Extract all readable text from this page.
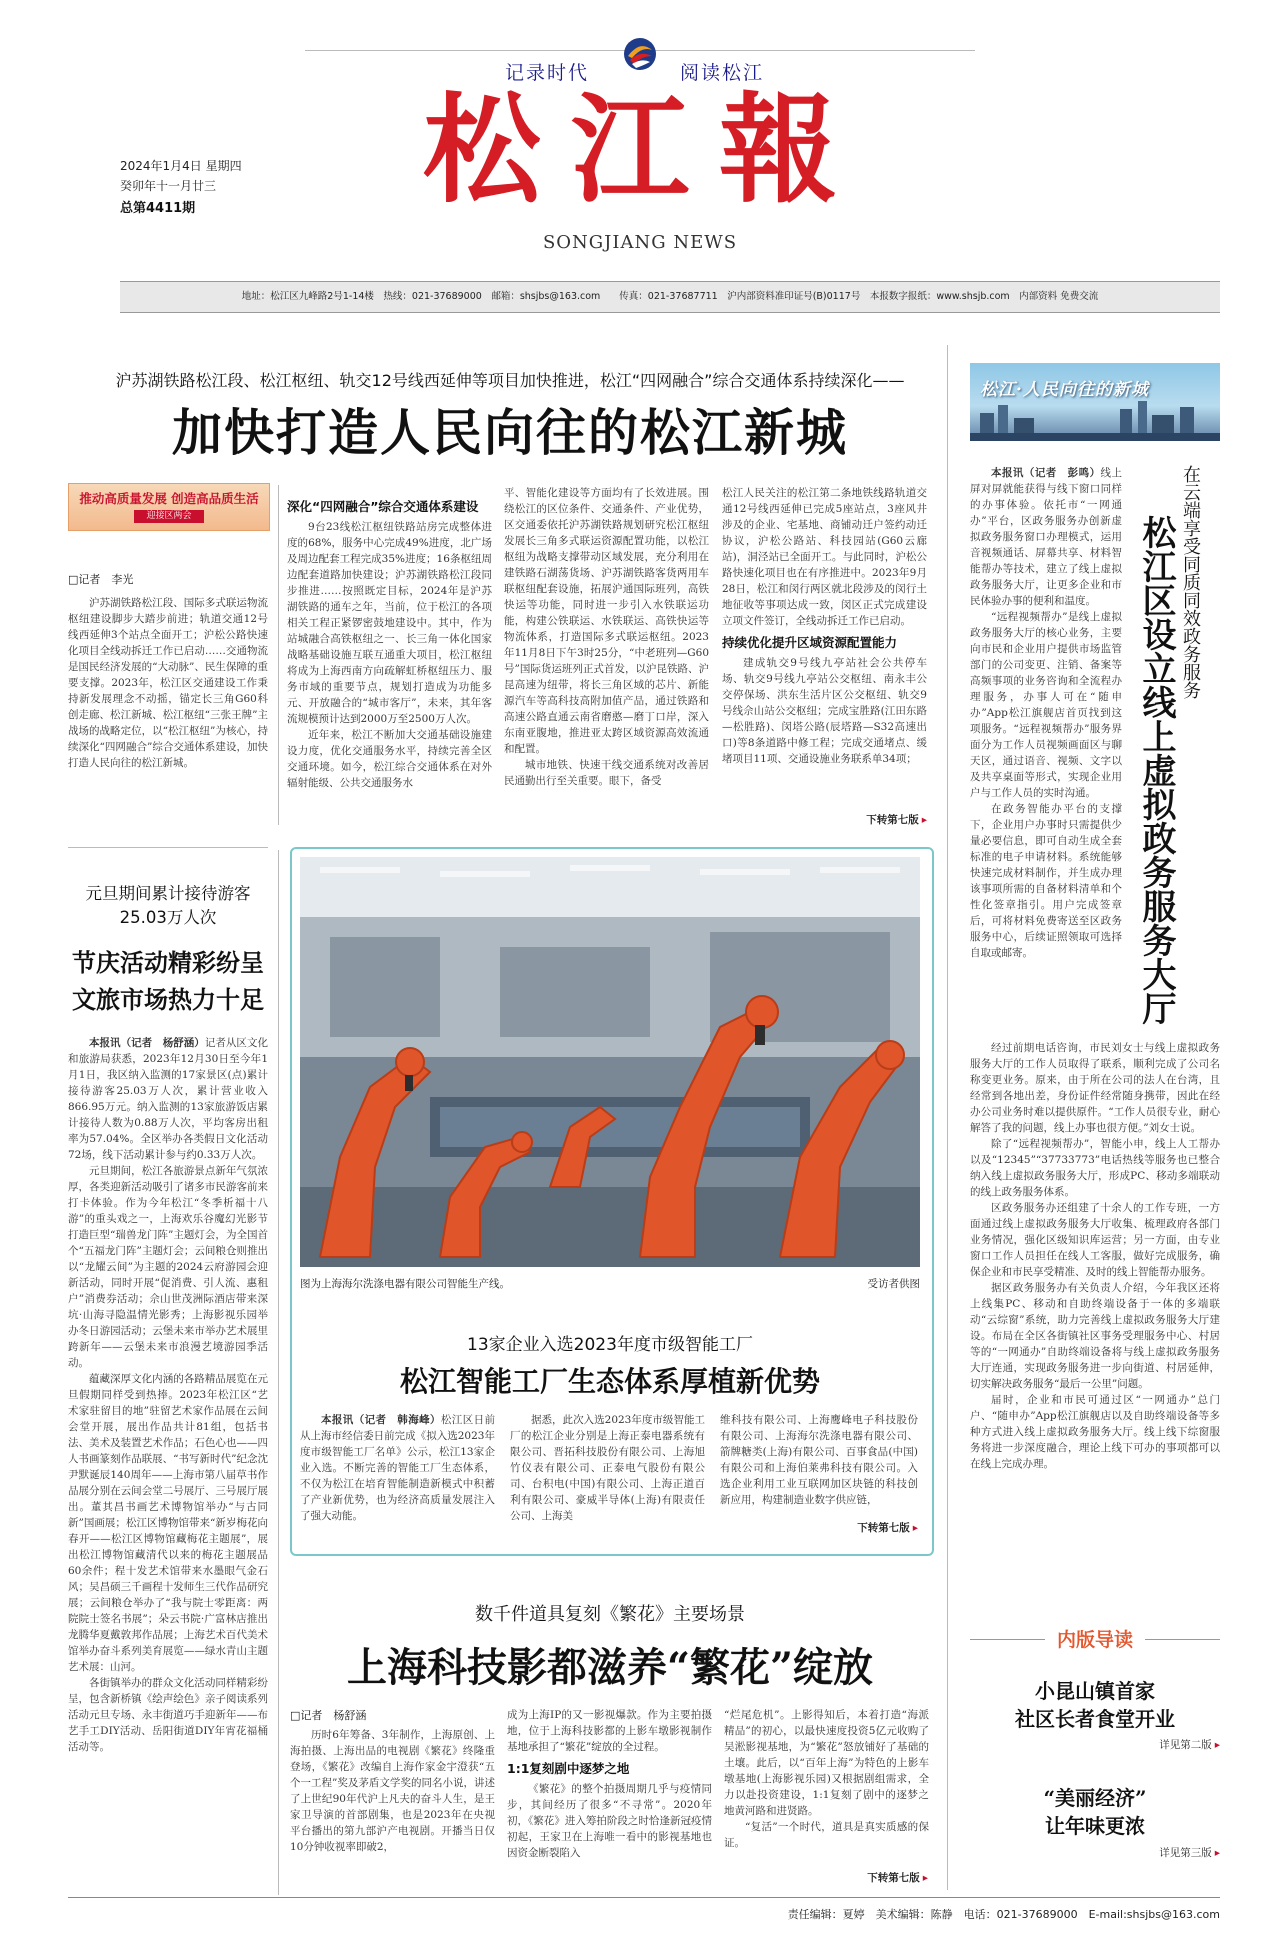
记录时代	阅读松江
松江報
SONGJIANG NEWS
2024年1月4日 星期四
癸卯年十一月廿三
总第4411期
地址：松江区九峰路2号1-14楼　热线：021-37689000　邮箱：shsjbs@163.com　　传真：021-37687711　沪内部资料准印证号(B)0117号　本报数字报纸：www.shsjb.com　内部资料 免费交流
沪苏湖铁路松江段、松江枢纽、轨交12号线西延伸等项目加快推进，松江“四网融合”综合交通体系持续深化——
加快打造人民向往的松江新城
推动高质量发展 创造高品质生活
迎接区两会
□记者　李光

沪苏湖铁路松江段、国际多式联运物流枢纽建设脚步大踏步前进；轨道交通12号线西延伸3个站点全面开工；沪松公路快速化项目全线动拆迁工作已启动……交通物流是国民经济发展的“大动脉”、民生保障的重要支撑。2023年，松江区交通建设工作秉持新发展理念不动摇，锚定长三角G60科创走廊、松江新城、松江枢纽“三张王牌”主战场的战略定位，以“松江枢纽”为核心，持续深化“四网融合”综合交通体系建设，加快打造人民向往的松江新城。

深化“四网融合”综合交通体系建设

9台23线松江枢纽铁路站房完成整体进度的68%，服务中心完成49%进度，北广场及周边配套工程完成35%进度；16条枢纽周边配套道路加快建设；沪苏湖铁路松江段同步推进……按照既定目标，2024年是沪苏湖铁路的通车之年，当前，位于松江的各项相关工程正紧锣密鼓地建设中。其中，作为站城融合高铁枢纽之一、长三角一体化国家战略基础设施互联互通重大项目，松江枢纽将成为上海西南方向疏解虹桥枢纽压力、服务市域的重要节点，规划打造成为功能多元、开放融合的“城市客厅”，未来，其年客流规模预计达到2000万至2500万人次。

近年来，松江不断加大交通基础设施建设力度，优化交通服务水平，持续完善全区交通环境。如今，松江综合交通体系在对外辐射能级、公共交通服务水

平、智能化建设等方面均有了长效进展。围绕松江的区位条件、交通条件、产业优势，区交通委依托沪苏湖铁路规划研究松江枢纽发展长三角多式联运资源配置功能，以松江枢纽为战略支撑带动区域发展，充分利用在建铁路石湖荡货场、沪苏湖铁路客货两用车联枢纽配套设施，拓展沪通国际班列，高铁快运等功能，同时进一步引入水铁联运功能，构建公铁联运、水铁联运、高铁快运等物流体系，打造国际多式联运枢纽。2023年11月8日下午3时25分，“中老班列—G60号”国际货运班列正式首发，以沪昆铁路、沪昆高速为纽带，将长三角区域的芯片、新能源汽车等高科技高附加值产品，通过铁路和高速公路直通云南省磨憨—磨丁口岸，深入东南亚腹地，推进亚太跨区域资源高效流通和配置。

城市地铁、快速干线交通系统对改善居民通勤出行至关重要。眼下，备受

松江人民关注的松江第二条地铁线路轨道交通12号线西延伸已完成5座站点，3座风井涉及的企业、宅基地、商铺动迁户签约动迁协议，沪松公路站、科技园站(G60云廊站)，洞泾站已全面开工。与此同时，沪松公路快速化项目也在有序推进中。2023年9月28日，松江和闵行两区就北段涉及的闵行土地征收等事项达成一致，闵区正式完成建设立项文件签订，全线动拆迁工作已启动。

持续优化提升区域资源配置能力

建成轨交9号线九亭站社会公共停车场、轨交9号线九亭站公交枢纽、南永丰公交停保场、洪东生活片区公交枢纽、轨交9号线佘山站公交枢纽；完成宝胜路(江田东路—松胜路)、闵塔公路(辰塔路—S32高速出口)等8条道路中修工程；完成交通堵点、缓堵项目11项、交通设施业务联系单34项；

下转第七版 ▸
松江·人民向往的新城
在云端享受同质同效政务服务
松江区设立线上虚拟政务服务大厅

本报讯（记者　彭鸣）线上屏对屏就能获得与线下窗口同样的办事体验。依托市“一网通办”平台，区政务服务办创新虚拟政务服务窗口办理模式，运用音视频通话、屏幕共享、材料智能帮办等技术，建立了线上虚拟政务服务大厅，让更多企业和市民体验办事的便利和温度。

“远程视频帮办”是线上虚拟政务服务大厅的核心业务，主要向市民和企业用户提供市场监管部门的公司变更、注销、备案等高频事项的业务咨询和全流程办理服务，办事人可在“随申办”App松江旗舰店首页找到这项服务。“远程视频帮办”服务界面分为工作人员视频画面区与聊天区，通过语音、视频、文字以及共享桌面等形式，实现企业用户与工作人员的实时沟通。

在政务智能办平台的支撑下，企业用户办事时只需提供少量必要信息，即可自动生成全套标准的电子申请材料。系统能够快速完成材料制作，并生成办理该事项所需的自备材料清单和个性化签章指引。用户完成签章后，可将材料免费寄送至区政务服务中心，后续证照领取可选择自取或邮寄。

经过前期电话咨询，市民刘女士与线上虚拟政务服务大厅的工作人员取得了联系，顺利完成了公司名称变更业务。原来，由于所在公司的法人在台湾，且经常到各地出差，身份证件经常随身携带，因此在经办公司业务时难以提供原件。“工作人员很专业，耐心解答了我的问题，线上办事也很方便。”刘女士说。

除了“远程视频帮办”，智能小申，线上人工帮办以及“12345”“37733773”电话热线等服务也已整合纳入线上虚拟政务服务大厅，形成PC、移动多端联动的线上政务服务体系。

区政务服务办还组建了十余人的工作专班，一方面通过线上虚拟政务服务大厅收集、梳理政府各部门业务情况，强化区级知识库运营；另一方面，由专业窗口工作人员担任在线人工客服，做好完成服务，确保企业和市民享受精准、及时的线上智能帮办服务。

据区政务服务办有关负责人介绍，今年我区还将上线集PC、移动和自助终端设备于一体的多端联动“云综窗”系统，助力完善线上虚拟政务服务大厅建设。布局在全区各街镇社区事务受理服务中心、村居等的“一网通办”自助终端设备将与线上虚拟政务服务大厅连通，实现政务服务进一步向街道、村居延伸，切实解决政务服务“最后一公里”问题。

届时，企业和市民可通过区“一网通办”总门户、“随申办”App松江旗舰店以及自助终端设备等多种方式进入线上虚拟政务服务大厅。线上线下综窗服务将进一步深度融合，理论上线下可办的事项都可以在线上完成办理。

元旦期间累计接待游客25.03万人次
节庆活动精彩纷呈
文旅市场热力十足

本报讯（记者　杨舒涵）记者从区文化和旅游局获悉，2023年12月30日至今年1月1日，我区纳入监测的17家景区(点)累计接待游客25.03万人次，累计营业收入866.95万元。纳入监测的13家旅游饭店累计接待人数为0.88万人次，平均客房出租率为57.04%。全区举办各类假日文化活动72场，线下活动累计参与约0.33万人次。

元旦期间，松江各旅游景点新年气氛浓厚，各类迎新活动吸引了诸多市民游客前来打卡体验。作为今年松江“冬季析福十八游”的重头戏之一，上海欢乐谷魔幻光影节打造巨型“瑞兽龙门阵”主题灯会，为全国首个“五福龙门阵”主题灯会；云间粮仓则推出以“龙耀云间”为主题的2024云府游园会迎新活动，同时开展“促消费、引人流、惠租户”消费券活动；佘山世茂洲际酒店带来深坑·山海寻隐温情光影秀；上海影视乐园举办冬日游园活动；云堡未来市举办艺术展里跨新年——云堡未来市浪漫艺境游园季活动。

蕴藏深厚文化内涵的各路精品展览在元旦假期同样受到热捧。2023年松江区“艺术家驻留目的地”驻留艺术家作品展在云间会堂开展，展出作品共计81组，包括书法、美术及装置艺术作品；石色心也——四人书画篆刻作品联展、“书写新时代”纪念沈尹默诞辰140周年——上海市第八届草书作品展分别在云间会堂二号展厅、三号展厅展出。董其昌书画艺术博物馆举办“与古同新”国画展；松江区博物馆带来“新岁梅花向春开——松江区博物馆藏梅花主题展”，展出松江博物馆藏清代以来的梅花主题展品60余件；程十发艺术馆带来水墨眼气金石风；吴昌硕三千画程十发师生三代作品研究展；云间粮仓举办了“我与院士零距离：两院院士签名书展”；朵云书院·广富林店推出龙腾华夏戴敦邦作品展；上海艺术百代美术馆举办奋斗系列美育展览——绿水青山主题艺术展：山河。

各街镇举办的群众文化活动同样精彩纷呈，包含新桥镇《绘声绘色》亲子阅读系列活动元旦专场、永丰街道巧手迎新年——布艺手工DIY活动、岳阳街道DIY年宵花福桶活动等。

图为上海海尔洗涤电器有限公司智能生产线。	受访者供图
13家企业入选2023年度市级智能工厂
松江智能工厂生态体系厚植新优势

本报讯（记者　韩海峰）松江区日前从上海市经信委日前完成《拟入选2023年度市级智能工厂名单》公示，松江13家企业入选。不断完善的智能工厂生态体系，不仅为松江在培育智能制造新模式中积蓄了产业新优势，也为经济高质量发展注入了强大动能。

据悉，此次入选2023年度市级智能工厂的松江企业分别是上海正泰电器系统有限公司、晋拓科技股份有限公司、上海旭竹仪表有限公司、正泰电气股份有限公司、台积电(中国)有限公司、上海正道百利有限公司、豪威半导体(上海)有限责任公司、上海美

维科技有限公司、上海鹰峰电子科技股份有限公司、上海海尔洗涤电器有限公司、箭牌糖类(上海)有限公司、百事食品(中国)有限公司和上海伯莱弗科技有限公司。入选企业利用工业互联网加区块链的科技创新应用，构建制造业数字供应链，

下转第七版 ▸
数千件道具复刻《繁花》主要场景
上海科技影都滋养“繁花”绽放
□记者　杨舒涵

历时6年筹备、3年制作，上海原创、上海拍摄、上海出品的电视剧《繁花》终隆重登场，《繁花》改编自上海作家金宇澄获“五个一工程”奖及茅盾文学奖的同名小说，讲述了上世纪90年代沪上凡夫的奋斗人生，是王家卫导演的首部剧集，也是2023年在央视平台播出的第九部沪产电视剧。开播当日仅10分钟收视率即破2，

成为上海IP的又一影视爆款。作为主要拍摄地，位于上海科技影都的上影车墩影视制作基地承担了“繁花”绽放的全过程。

1:1复刻剧中逐梦之地

《繁花》的整个拍摄周期几乎与疫情同步，其间经历了很多“不寻常”。2020年初，《繁花》进入筹拍阶段之时恰逢新冠疫情初起，王家卫在上海唯一看中的影视基地也因资金断裂陷入

“烂尾危机”。上影得知后，本着打造“海派精品”的初心，以最快速度投资5亿元收购了吴淞影视基地，为“繁花”怒放铺好了基础的土壤。此后，以“百年上海”为特色的上影车墩基地(上海影视乐园)又根据剧组需求，全力以赴投资建设，1:1复刻了剧中的逐梦之地黄河路和进贤路。

“复活”一个时代，道具是真实质感的保证。

下转第七版 ▸
内版导读
小昆山镇首家
社区长者食堂开业
详见第二版 ▸
“美丽经济”
让年味更浓
详见第三版 ▸
责任编辑：夏婷　美术编辑：陈静　电话：021-37689000　E-mail:shsjbs@163.com
